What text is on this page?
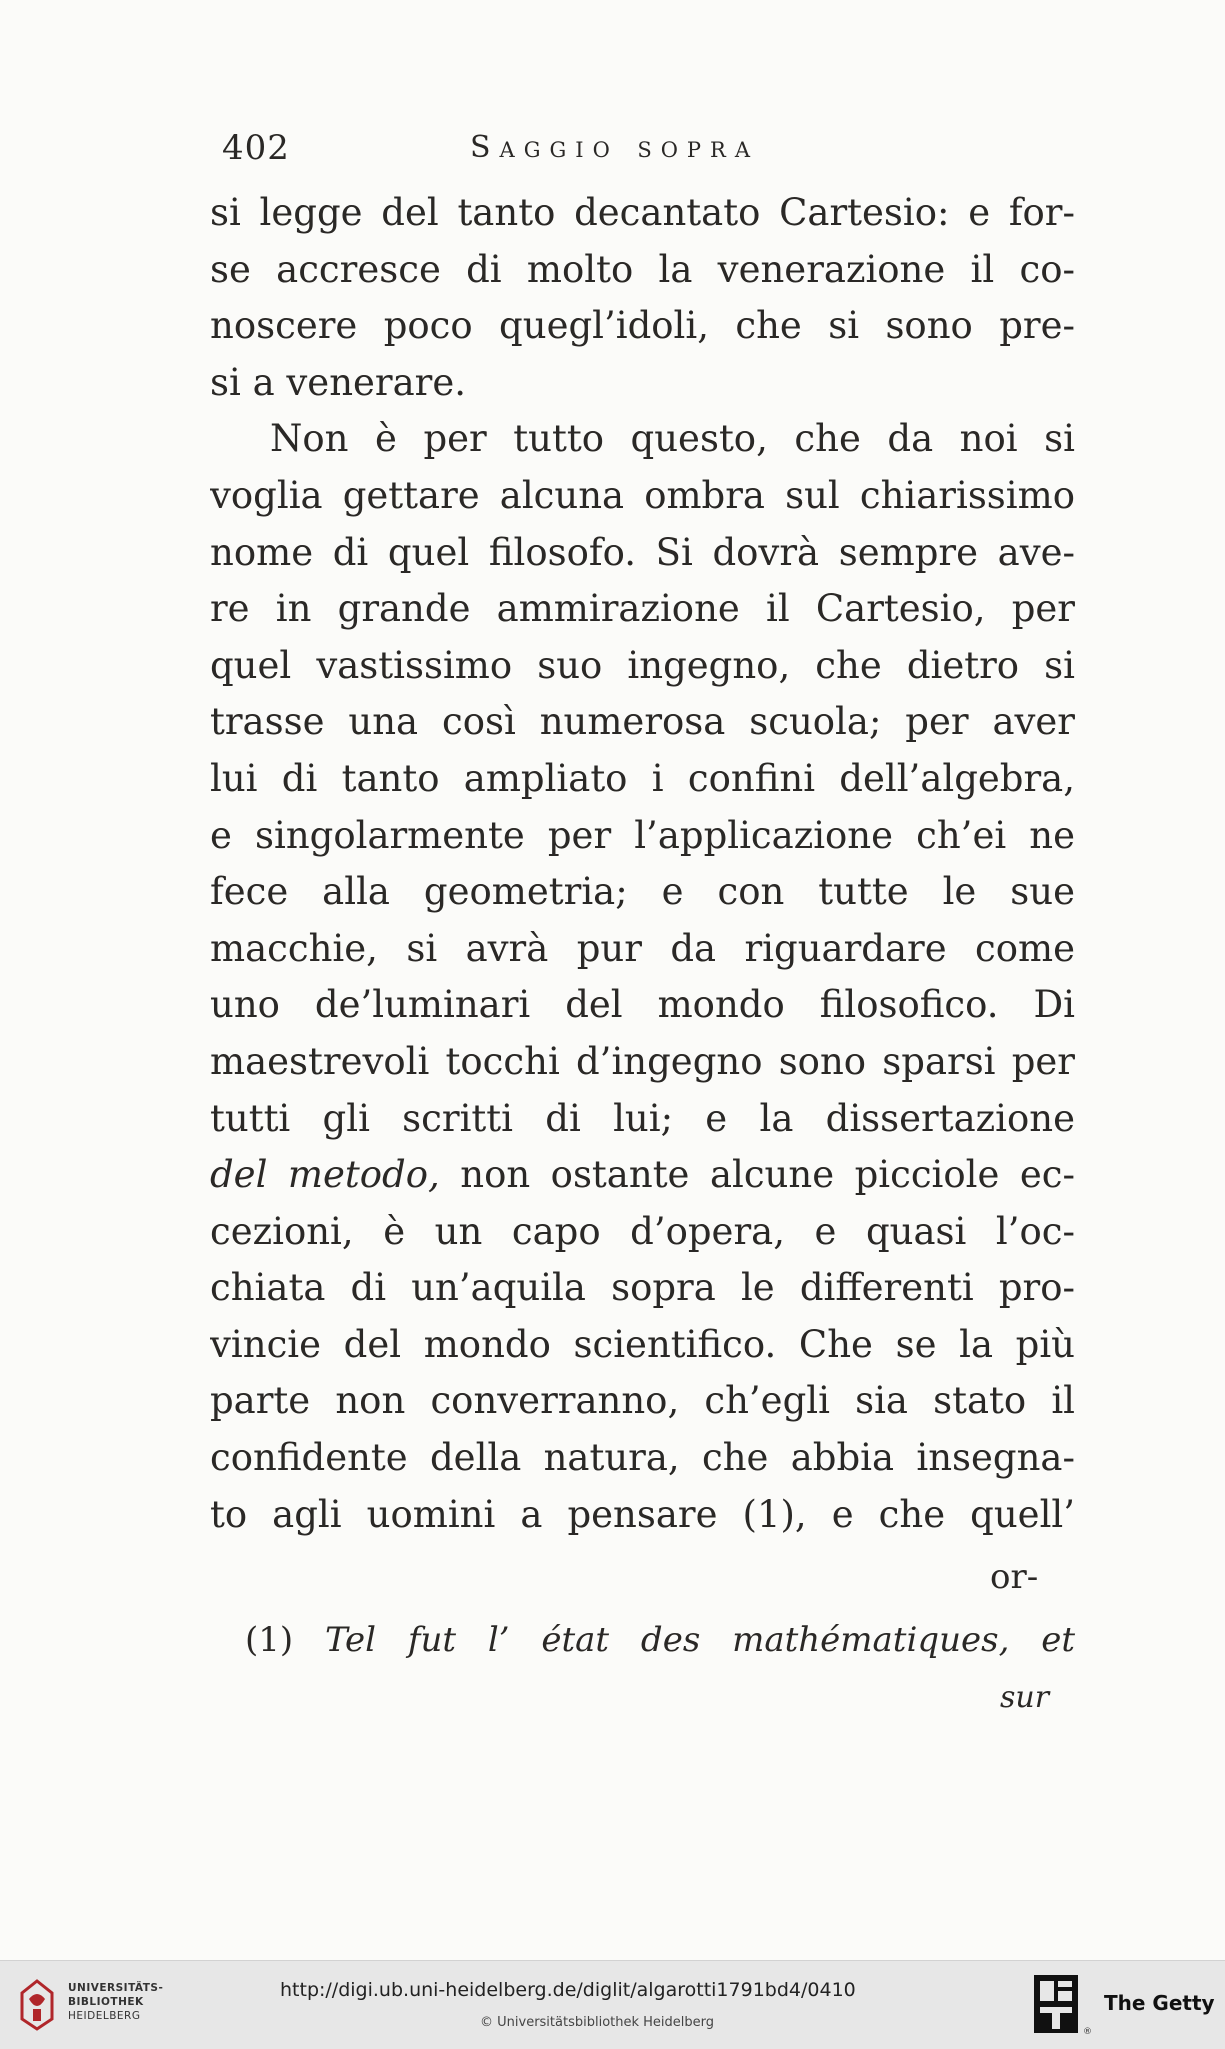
402	Saggio sopra
si legge del tanto decantato Cartesio: e for-
se accresce di molto la venerazione il co-
noscere poco quegl’idoli, che si sono pre-
si a venerare.
Non è per tutto questo, che da noi si
voglia gettare alcuna ombra sul chiarissimo
nome di quel filosofo. Si dovrà sempre ave-
re in grande ammirazione il Cartesio, per
quel vastissimo suo ingegno, che dietro si
trasse una così numerosa scuola; per aver
lui di tanto ampliato i confini dell’algebra,
e singolarmente per l’applicazione ch’ei ne
fece alla geometria; e con tutte le sue
macchie, si avrà pur da riguardare come
uno de’luminari del mondo filosofico. Di
maestrevoli tocchi d’ingegno sono sparsi per
tutti gli scritti di lui; e la dissertazione
del metodo, non ostante alcune picciole ec-
cezioni, è un capo d’opera, e quasi l’oc-
chiata di un’aquila sopra le differenti pro-
vincie del mondo scientifico. Che se la più
parte non converranno, ch’egli sia stato il
confidente della natura, che abbia insegna-
to agli uomini a pensare (1), e che quell’
or-
(1) Tel fut l’ état des mathématiques, et
sur
UNIVERSITÄTS-
BIBLIOTHEK
HEIDELBERG
http://digi.ub.uni-heidelberg.de/diglit/algarotti1791bd4/0410
© Universitätsbibliothek Heidelberg
®
The Getty
